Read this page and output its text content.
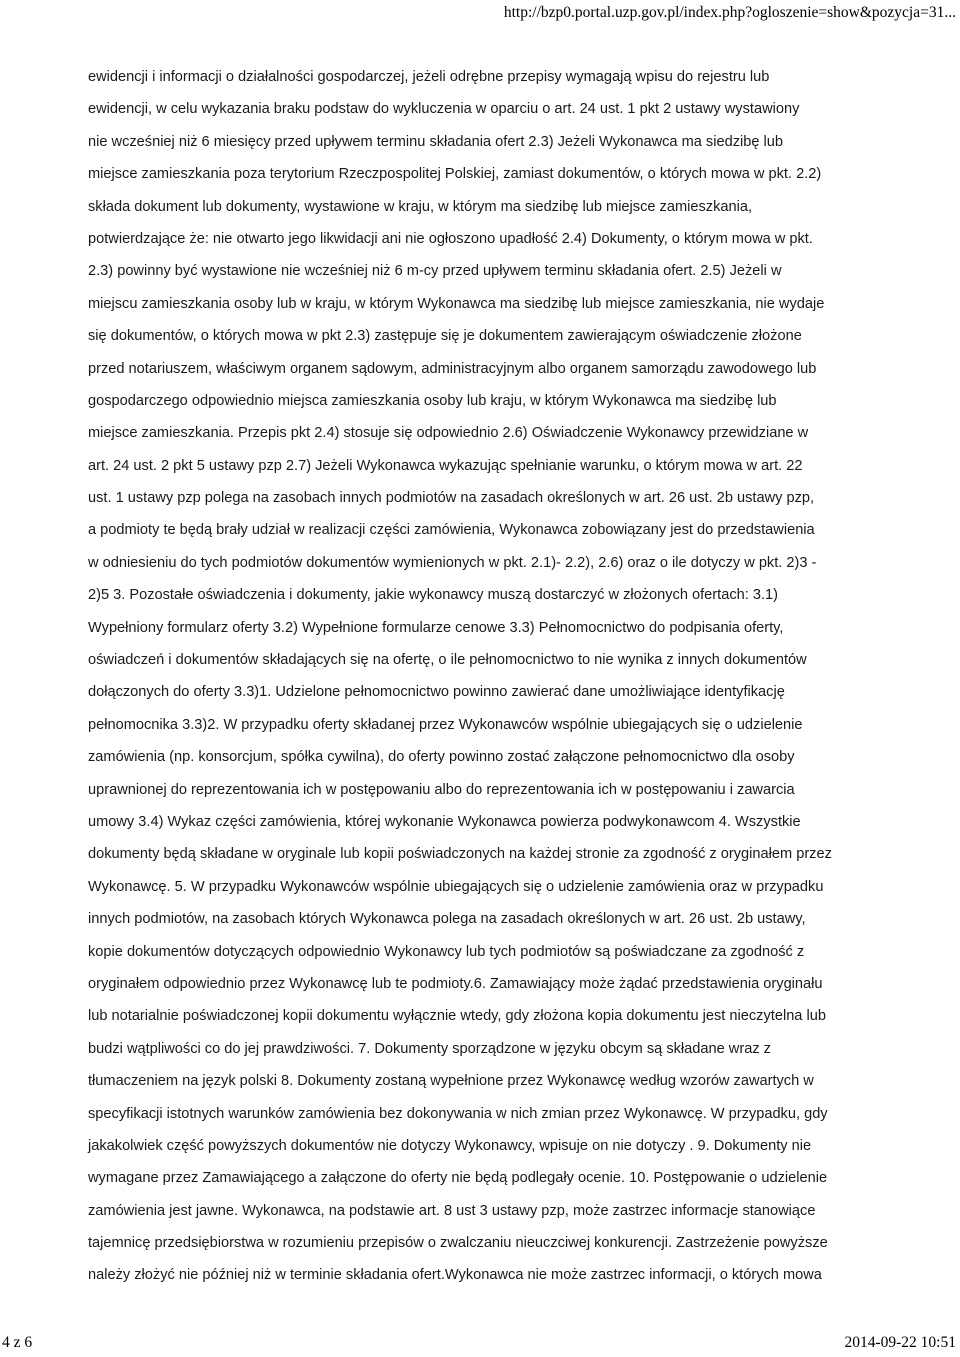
http://bzp0.portal.uzp.gov.pl/index.php?ogloszenie=show&pozycja=31...
ewidencji i informacji o działalności gospodarczej, jeżeli odrębne przepisy wymagają wpisu do rejestru lub
ewidencji, w celu wykazania braku podstaw do wykluczenia w oparciu o art. 24 ust. 1 pkt 2 ustawy wystawiony
nie wcześniej niż 6 miesięcy przed upływem terminu składania ofert 2.3) Jeżeli Wykonawca ma siedzibę lub
miejsce zamieszkania poza terytorium Rzeczpospolitej Polskiej, zamiast dokumentów, o których mowa w pkt. 2.2)
składa dokument lub dokumenty, wystawione w kraju, w którym ma siedzibę lub miejsce zamieszkania,
potwierdzające że: nie otwarto jego likwidacji ani nie ogłoszono upadłość 2.4) Dokumenty, o którym mowa w pkt.
2.3) powinny być wystawione nie wcześniej niż 6 m-cy przed upływem terminu składania ofert. 2.5) Jeżeli w
miejscu zamieszkania osoby lub w kraju, w którym Wykonawca ma siedzibę lub miejsce zamieszkania, nie wydaje
się dokumentów, o których mowa w pkt 2.3) zastępuje się je dokumentem zawierającym oświadczenie złożone
przed notariuszem, właściwym organem sądowym, administracyjnym albo organem samorządu zawodowego lub
gospodarczego odpowiednio miejsca zamieszkania osoby lub kraju, w którym Wykonawca ma siedzibę lub
miejsce zamieszkania. Przepis pkt 2.4) stosuje się odpowiednio 2.6) Oświadczenie Wykonawcy przewidziane w
art. 24 ust. 2 pkt 5 ustawy pzp 2.7) Jeżeli Wykonawca wykazując spełnianie warunku, o którym mowa w art. 22
ust. 1 ustawy pzp polega na zasobach innych podmiotów na zasadach określonych w art. 26 ust. 2b ustawy pzp,
a podmioty te będą brały udział w realizacji części zamówienia, Wykonawca zobowiązany jest do przedstawienia
w odniesieniu do tych podmiotów dokumentów wymienionych w pkt. 2.1)- 2.2), 2.6) oraz o ile dotyczy w pkt. 2)3 -
2)5 3. Pozostałe oświadczenia i dokumenty, jakie wykonawcy muszą dostarczyć w złożonych ofertach: 3.1)
Wypełniony formularz oferty 3.2) Wypełnione formularze cenowe 3.3) Pełnomocnictwo do podpisania oferty,
oświadczeń i dokumentów składających się na ofertę, o ile pełnomocnictwo to nie wynika z innych dokumentów
dołączonych do oferty 3.3)1. Udzielone pełnomocnictwo powinno zawierać dane umożliwiające identyfikację
pełnomocnika 3.3)2. W przypadku oferty składanej przez Wykonawców wspólnie ubiegających się o udzielenie
zamówienia (np. konsorcjum, spółka cywilna), do oferty powinno zostać załączone pełnomocnictwo dla osoby
uprawnionej do reprezentowania ich w postępowaniu albo do reprezentowania ich w postępowaniu i zawarcia
umowy 3.4) Wykaz części zamówienia, której wykonanie Wykonawca powierza podwykonawcom 4. Wszystkie
dokumenty będą składane w oryginale lub kopii poświadczonych na każdej stronie za zgodność z oryginałem przez
Wykonawcę. 5. W przypadku Wykonawców wspólnie ubiegających się o udzielenie zamówienia oraz w przypadku
innych podmiotów, na zasobach których Wykonawca polega na zasadach określonych w art. 26 ust. 2b ustawy,
kopie dokumentów dotyczących odpowiednio Wykonawcy lub tych podmiotów są poświadczane za zgodność z
oryginałem odpowiednio przez Wykonawcę lub te podmioty.6. Zamawiający może żądać przedstawienia oryginału
lub notarialnie poświadczonej kopii dokumentu wyłącznie wtedy, gdy złożona kopia dokumentu jest nieczytelna lub
budzi wątpliwości co do jej prawdziwości. 7. Dokumenty sporządzone w języku obcym są składane wraz z
tłumaczeniem na język polski 8. Dokumenty zostaną wypełnione przez Wykonawcę według wzorów zawartych w
specyfikacji istotnych warunków zamówienia bez dokonywania w nich zmian przez Wykonawcę. W przypadku, gdy
jakakolwiek część powyższych dokumentów nie dotyczy Wykonawcy, wpisuje on nie dotyczy . 9. Dokumenty nie
wymagane przez Zamawiającego a załączone do oferty nie będą podlegały ocenie. 10. Postępowanie o udzielenie
zamówienia jest jawne. Wykonawca, na podstawie art. 8 ust 3 ustawy pzp, może zastrzec informacje stanowiące
tajemnicę przedsiębiorstwa w rozumieniu przepisów o zwalczaniu nieuczciwej konkurencji. Zastrzeżenie powyższe
należy złożyć nie później niż w terminie składania ofert.Wykonawca nie może zastrzec informacji, o których mowa
4 z 6	2014-09-22 10:51
